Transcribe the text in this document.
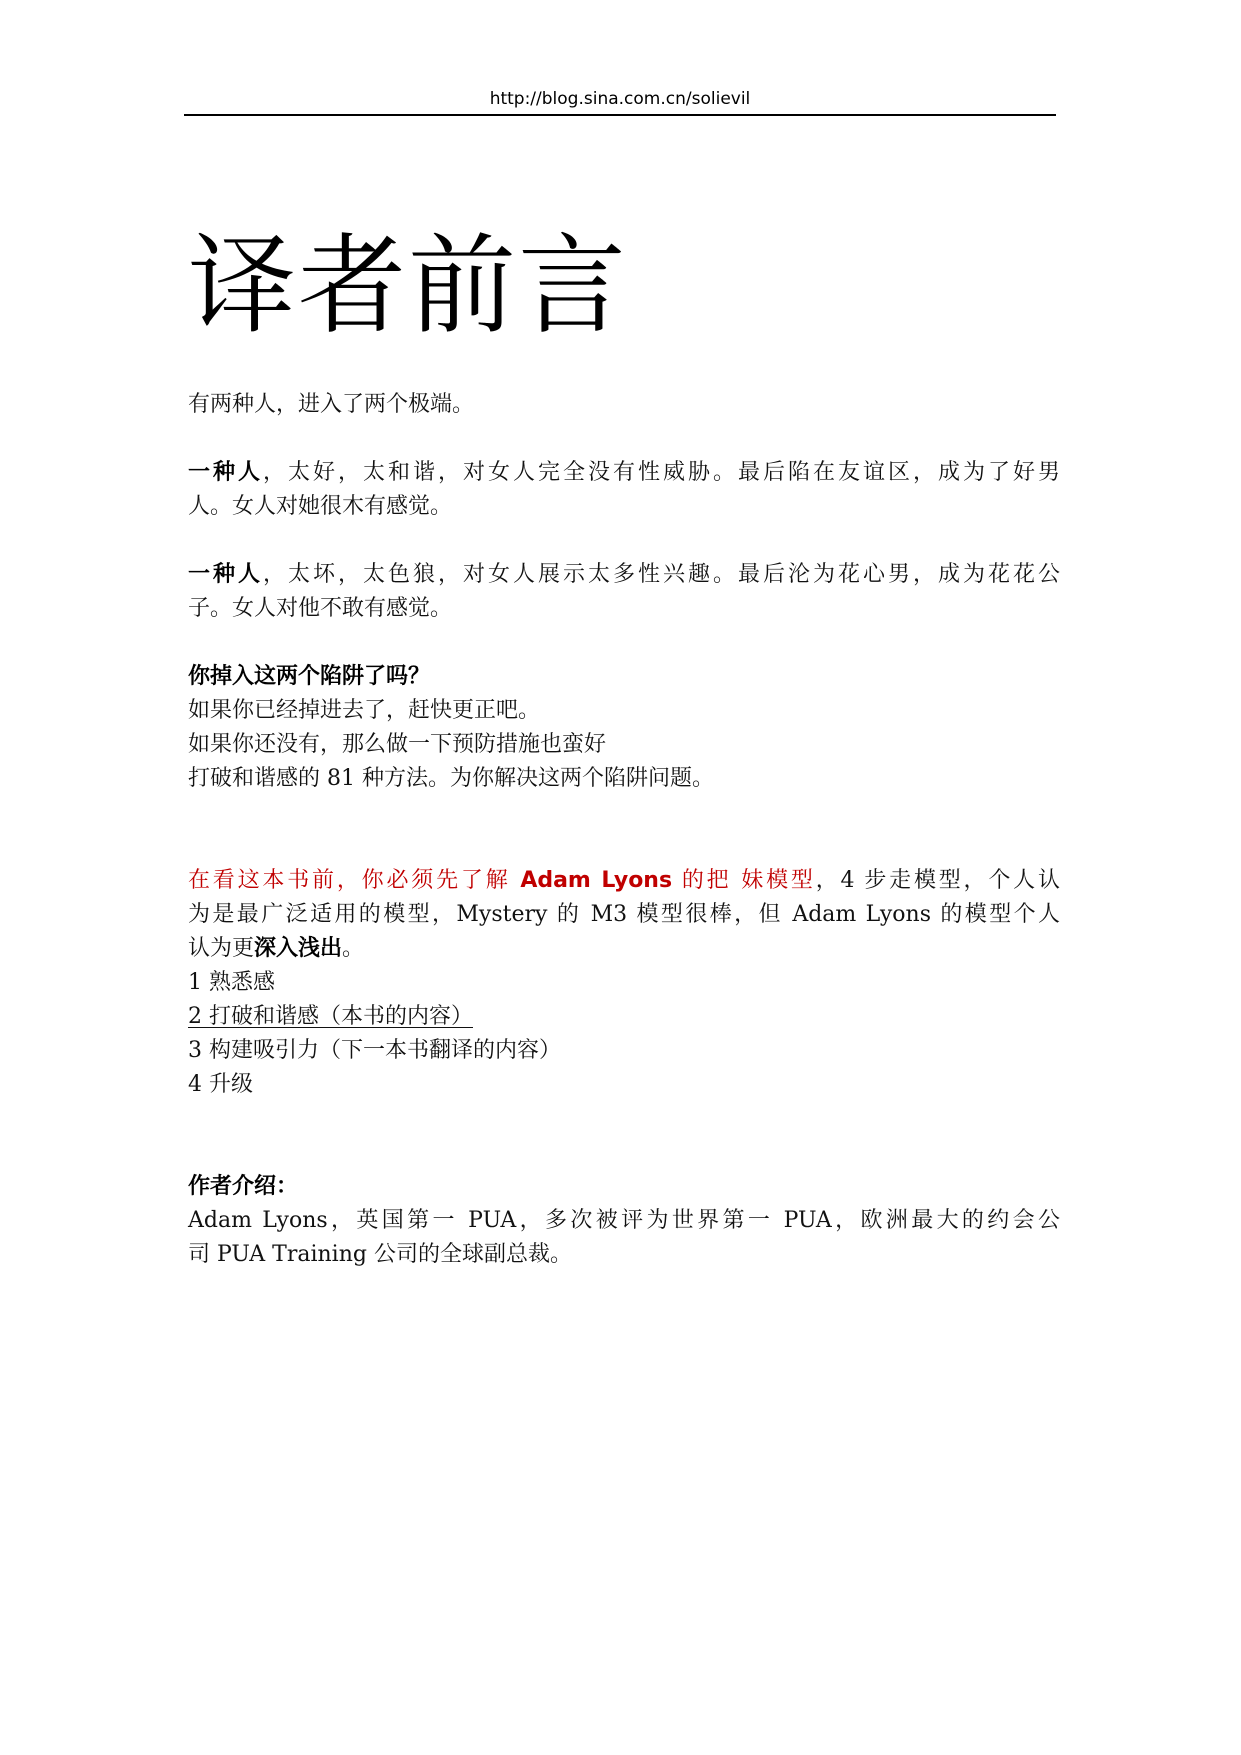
http://blog.sina.com.cn/solievil
译者前言
有两种人，进入了两个极端。
一种人，太好，太和谐，对女人完全没有性威胁。最后陷在友谊区，成为了好男
人。女人对她很木有感觉。
一种人，太坏，太色狼，对女人展示太多性兴趣。最后沦为花心男，成为花花公
子。女人对他不敢有感觉。
你掉入这两个陷阱了吗？
如果你已经掉进去了，赶快更正吧。
如果你还没有，那么做一下预防措施也蛮好
打破和谐感的 81 种方法。为你解决这两个陷阱问题。
在看这本书前，你必须先了解 Adam Lyons 的把 妹模型，4 步走模型，个人认
为是最广泛适用的模型，Mystery 的 M3 模型很棒，但 Adam Lyons 的模型个人
认为更深入浅出。
1 熟悉感
2 打破和谐感（本书的内容）
3 构建吸引力（下一本书翻译的内容）
4 升级
作者介绍：
Adam Lyons，英国第一 PUA，多次被评为世界第一 PUA，欧洲最大的约会公
司 PUA Training 公司的全球副总裁。
